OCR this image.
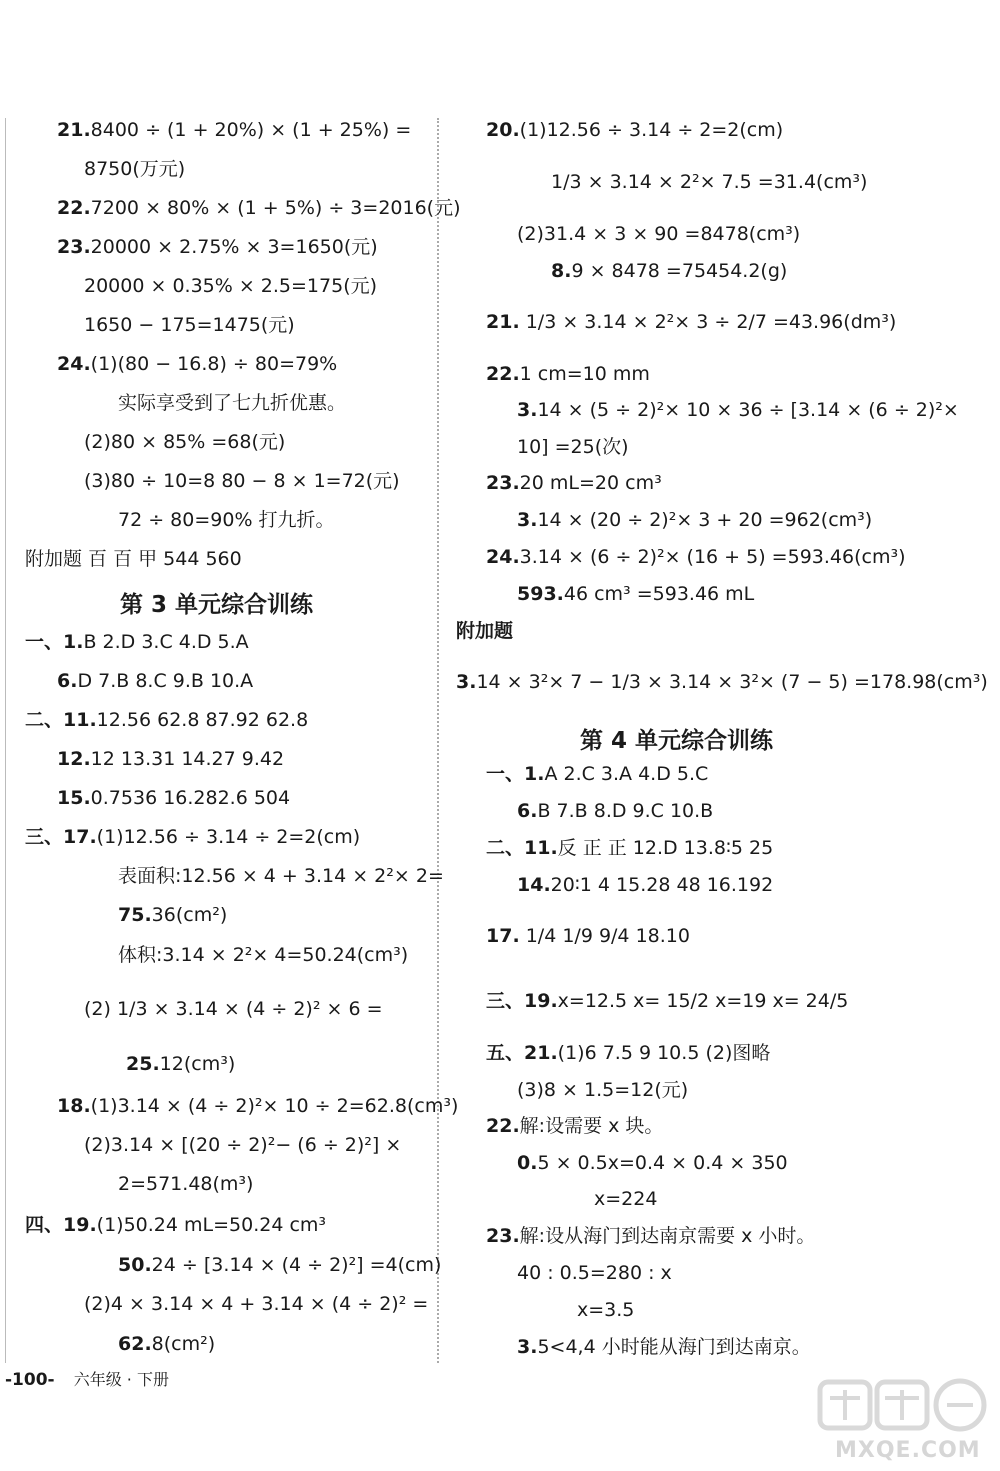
21.8400 ÷ (1 + 20%) × (1 + 25%) =
8750(万元)
22.7200 × 80% × (1 + 5%) ÷ 3=2016(元)
23.20000 × 2.75% × 3=1650(元)
20000 × 0.35% × 2.5=175(元)
1650 − 175=1475(元)
24.(1)(80 − 16.8) ÷ 80=79%
实际享受到了七九折优惠。
(2)80 × 85% =68(元)
(3)80 ÷ 10=8 80 − 8 × 1=72(元)
72 ÷ 80=90% 打九折。
附加题 百 百 甲 544 560
第 3 单元综合训练
一、1.B 2.D 3.C 4.D 5.A
6.D 7.B 8.C 9.B 10.A
二、11.12.56 62.8 87.92 62.8
12.12 13.31 14.27 9.42
15.0.7536 16.282.6 504
三、17.(1)12.56 ÷ 3.14 ÷ 2=2(cm)
表面积:12.56 × 4 + 3.14 × 2²× 2=
75.36(cm²)
体积:3.14 × 2²× 4=50.24(cm³)
(2) 1/3 × 3.14 × (4 ÷ 2)² × 6 =
25.12(cm³)
18.(1)3.14 × (4 ÷ 2)²× 10 ÷ 2=62.8(cm³)
(2)3.14 × [(20 ÷ 2)²− (6 ÷ 2)²] ×
2=571.48(m³)
四、19.(1)50.24 mL=50.24 cm³
50.24 ÷ [3.14 × (4 ÷ 2)²] =4(cm)
(2)4 × 3.14 × 4 + 3.14 × (4 ÷ 2)² =
62.8(cm²)
20.(1)12.56 ÷ 3.14 ÷ 2=2(cm)
1/3 × 3.14 × 2²× 7.5 =31.4(cm³)
(2)31.4 × 3 × 90 =8478(cm³)
8.9 × 8478 =75454.2(g)
21. 1/3 × 3.14 × 2²× 3 ÷ 2/7 =43.96(dm³)
22.1 cm=10 mm
3.14 × (5 ÷ 2)²× 10 × 36 ÷ [3.14 × (6 ÷ 2)²×
10] =25(次)
23.20 mL=20 cm³
3.14 × (20 ÷ 2)²× 3 + 20 =962(cm³)
24.3.14 × (6 ÷ 2)²× (16 + 5) =593.46(cm³)
593.46 cm³ =593.46 mL
附加题
3.14 × 3²× 7 − 1/3 × 3.14 × 3²× (7 − 5) =178.98(cm³)
第 4 单元综合训练
一、1.A 2.C 3.A 4.D 5.C
6.B 7.B 8.D 9.C 10.B
二、11.反 正 正 12.D 13.8∶5 25
14.20∶1 4 15.28 48 16.192
17. 1/4 1/9 9/4 18.10
三、19.x=12.5 x= 15/2 x=19 x= 24/5
五、21.(1)6 7.5 9 10.5 (2)图略
(3)8 × 1.5=12(元)
22.解:设需要 x 块。
0.5 × 0.5x=0.4 × 0.4 × 350
x=224
23.解:设从海门到达南京需要 x 小时。
40 : 0.5=280 : x
x=3.5
3.5<4,4 小时能从海门到达南京。
-100- 六年级 · 下册
MXQE.COM
